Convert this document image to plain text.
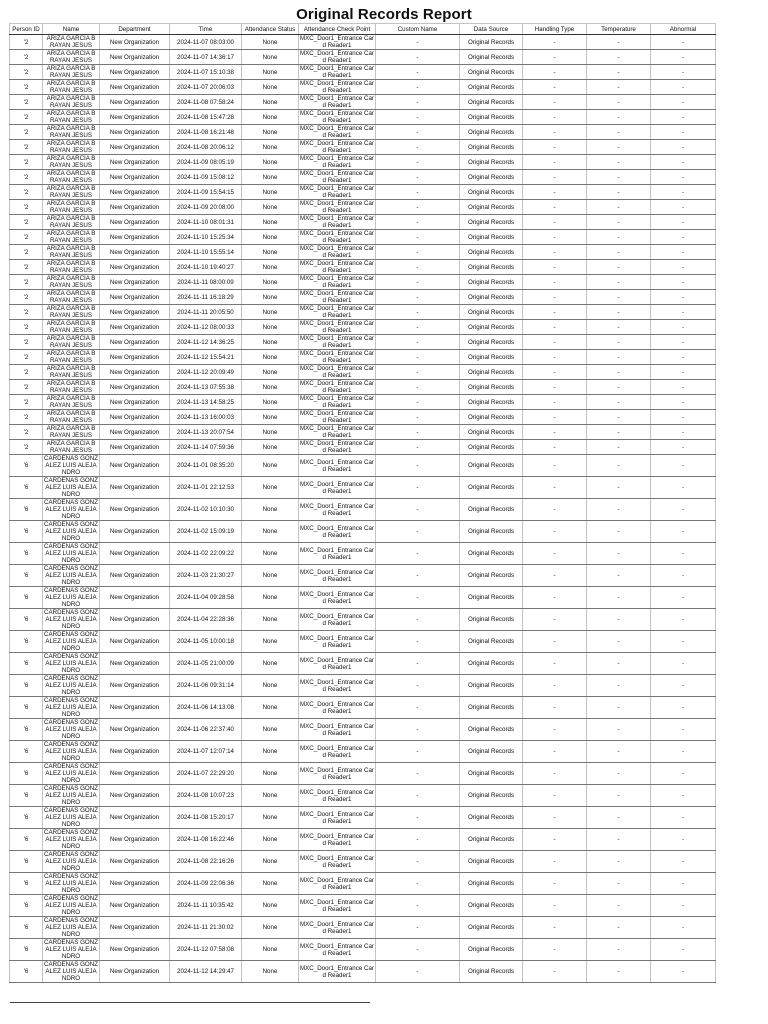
Original Records Report
Person ID	Name	Department	Time	Attendance Status	Attendance Check Point	Custom Name	Data Source	Handling Type	Temperature	Abnormal
'2	ARIZA GARCIA B RAYAN JESUS	New Organization	2024-11-07 08:03:00	None	MXC_Door1_Entrance Card Reader1	-	Original Records	-	-	-
'2	ARIZA GARCIA B RAYAN JESUS	New Organization	2024-11-07 14:36:17	None	MXC_Door1_Entrance Card Reader1	-	Original Records	-	-	-
'2	ARIZA GARCIA B RAYAN JESUS	New Organization	2024-11-07 15:10:38	None	MXC_Door1_Entrance Card Reader1	-	Original Records	-	-	-
'2	ARIZA GARCIA B RAYAN JESUS	New Organization	2024-11-07 20:06:03	None	MXC_Door1_Entrance Card Reader1	-	Original Records	-	-	-
'2	ARIZA GARCIA B RAYAN JESUS	New Organization	2024-11-08 07:58:24	None	MXC_Door1_Entrance Card Reader1	-	Original Records	-	-	-
'2	ARIZA GARCIA B RAYAN JESUS	New Organization	2024-11-08 15:47:28	None	MXC_Door1_Entrance Card Reader1	-	Original Records	-	-	-
'2	ARIZA GARCIA B RAYAN JESUS	New Organization	2024-11-08 16:21:48	None	MXC_Door1_Entrance Card Reader1	-	Original Records	-	-	-
'2	ARIZA GARCIA B RAYAN JESUS	New Organization	2024-11-08 20:06:12	None	MXC_Door1_Entrance Card Reader1	-	Original Records	-	-	-
'2	ARIZA GARCIA B RAYAN JESUS	New Organization	2024-11-09 08:05:19	None	MXC_Door1_Entrance Card Reader1	-	Original Records	-	-	-
'2	ARIZA GARCIA B RAYAN JESUS	New Organization	2024-11-09 15:08:12	None	MXC_Door1_Entrance Card Reader1	-	Original Records	-	-	-
'2	ARIZA GARCIA B RAYAN JESUS	New Organization	2024-11-09 15:54:15	None	MXC_Door1_Entrance Card Reader1	-	Original Records	-	-	-
'2	ARIZA GARCIA B RAYAN JESUS	New Organization	2024-11-09 20:08:00	None	MXC_Door1_Entrance Card Reader1	-	Original Records	-	-	-
'2	ARIZA GARCIA B RAYAN JESUS	New Organization	2024-11-10 08:01:31	None	MXC_Door1_Entrance Card Reader1	-	Original Records	-	-	-
'2	ARIZA GARCIA B RAYAN JESUS	New Organization	2024-11-10 15:25:34	None	MXC_Door1_Entrance Card Reader1	-	Original Records	-	-	-
'2	ARIZA GARCIA B RAYAN JESUS	New Organization	2024-11-10 15:55:14	None	MXC_Door1_Entrance Card Reader1	-	Original Records	-	-	-
'2	ARIZA GARCIA B RAYAN JESUS	New Organization	2024-11-10 19:40:27	None	MXC_Door1_Entrance Card Reader1	-	Original Records	-	-	-
'2	ARIZA GARCIA B RAYAN JESUS	New Organization	2024-11-11 08:00:09	None	MXC_Door1_Entrance Card Reader1	-	Original Records	-	-	-
'2	ARIZA GARCIA B RAYAN JESUS	New Organization	2024-11-11 16:18:29	None	MXC_Door1_Entrance Card Reader1	-	Original Records	-	-	-
'2	ARIZA GARCIA B RAYAN JESUS	New Organization	2024-11-11 20:05:50	None	MXC_Door1_Entrance Card Reader1	-	Original Records	-	-	-
'2	ARIZA GARCIA B RAYAN JESUS	New Organization	2024-11-12 08:00:33	None	MXC_Door1_Entrance Card Reader1	-	Original Records	-	-	-
'2	ARIZA GARCIA B RAYAN JESUS	New Organization	2024-11-12 14:36:25	None	MXC_Door1_Entrance Card Reader1	-	Original Records	-	-	-
'2	ARIZA GARCIA B RAYAN JESUS	New Organization	2024-11-12 15:54:21	None	MXC_Door1_Entrance Card Reader1	-	Original Records	-	-	-
'2	ARIZA GARCIA B RAYAN JESUS	New Organization	2024-11-12 20:09:49	None	MXC_Door1_Entrance Card Reader1	-	Original Records	-	-	-
'2	ARIZA GARCIA B RAYAN JESUS	New Organization	2024-11-13 07:55:38	None	MXC_Door1_Entrance Card Reader1	-	Original Records	-	-	-
'2	ARIZA GARCIA B RAYAN JESUS	New Organization	2024-11-13 14:58:25	None	MXC_Door1_Entrance Card Reader1	-	Original Records	-	-	-
'2	ARIZA GARCIA B RAYAN JESUS	New Organization	2024-11-13 16:00:03	None	MXC_Door1_Entrance Card Reader1	-	Original Records	-	-	-
'2	ARIZA GARCIA B RAYAN JESUS	New Organization	2024-11-13 20:07:54	None	MXC_Door1_Entrance Card Reader1	-	Original Records	-	-	-
'2	ARIZA GARCIA B RAYAN JESUS	New Organization	2024-11-14 07:59:36	None	MXC_Door1_Entrance Card Reader1	-	Original Records	-	-	-
'6	CARDENAS GONZALEZ LUIS ALEJANDRO	New Organization	2024-11-01 08:35:20	None	MXC_Door1_Entrance Card Reader1	-	Original Records	-	-	-
'6	CARDENAS GONZALEZ LUIS ALEJANDRO	New Organization	2024-11-01 22:12:53	None	MXC_Door1_Entrance Card Reader1	-	Original Records	-	-	-
'6	CARDENAS GONZALEZ LUIS ALEJANDRO	New Organization	2024-11-02 10:10:30	None	MXC_Door1_Entrance Card Reader1	-	Original Records	-	-	-
'6	CARDENAS GONZALEZ LUIS ALEJANDRO	New Organization	2024-11-02 15:09:19	None	MXC_Door1_Entrance Card Reader1	-	Original Records	-	-	-
'6	CARDENAS GONZALEZ LUIS ALEJANDRO	New Organization	2024-11-02 22:09:22	None	MXC_Door1_Entrance Card Reader1	-	Original Records	-	-	-
'6	CARDENAS GONZALEZ LUIS ALEJANDRO	New Organization	2024-11-03 21:30:27	None	MXC_Door1_Entrance Card Reader1	-	Original Records	-	-	-
'6	CARDENAS GONZALEZ LUIS ALEJANDRO	New Organization	2024-11-04 09:28:58	None	MXC_Door1_Entrance Card Reader1	-	Original Records	-	-	-
'6	CARDENAS GONZALEZ LUIS ALEJANDRO	New Organization	2024-11-04 22:28:36	None	MXC_Door1_Entrance Card Reader1	-	Original Records	-	-	-
'6	CARDENAS GONZALEZ LUIS ALEJANDRO	New Organization	2024-11-05 10:00:18	None	MXC_Door1_Entrance Card Reader1	-	Original Records	-	-	-
'6	CARDENAS GONZALEZ LUIS ALEJANDRO	New Organization	2024-11-05 21:00:09	None	MXC_Door1_Entrance Card Reader1	-	Original Records	-	-	-
'6	CARDENAS GONZALEZ LUIS ALEJANDRO	New Organization	2024-11-06 09:31:14	None	MXC_Door1_Entrance Card Reader1	-	Original Records	-	-	-
'6	CARDENAS GONZALEZ LUIS ALEJANDRO	New Organization	2024-11-06 14:13:08	None	MXC_Door1_Entrance Card Reader1	-	Original Records	-	-	-
'6	CARDENAS GONZALEZ LUIS ALEJANDRO	New Organization	2024-11-06 22:37:40	None	MXC_Door1_Entrance Card Reader1	-	Original Records	-	-	-
'6	CARDENAS GONZALEZ LUIS ALEJANDRO	New Organization	2024-11-07 12:07:14	None	MXC_Door1_Entrance Card Reader1	-	Original Records	-	-	-
'6	CARDENAS GONZALEZ LUIS ALEJANDRO	New Organization	2024-11-07 22:29:20	None	MXC_Door1_Entrance Card Reader1	-	Original Records	-	-	-
'6	CARDENAS GONZALEZ LUIS ALEJANDRO	New Organization	2024-11-08 10:07:23	None	MXC_Door1_Entrance Card Reader1	-	Original Records	-	-	-
'6	CARDENAS GONZALEZ LUIS ALEJANDRO	New Organization	2024-11-08 15:20:17	None	MXC_Door1_Entrance Card Reader1	-	Original Records	-	-	-
'6	CARDENAS GONZALEZ LUIS ALEJANDRO	New Organization	2024-11-08 16:22:46	None	MXC_Door1_Entrance Card Reader1	-	Original Records	-	-	-
'6	CARDENAS GONZALEZ LUIS ALEJANDRO	New Organization	2024-11-08 22:16:26	None	MXC_Door1_Entrance Card Reader1	-	Original Records	-	-	-
'6	CARDENAS GONZALEZ LUIS ALEJANDRO	New Organization	2024-11-09 22:06:36	None	MXC_Door1_Entrance Card Reader1	-	Original Records	-	-	-
'6	CARDENAS GONZALEZ LUIS ALEJANDRO	New Organization	2024-11-11 10:35:42	None	MXC_Door1_Entrance Card Reader1	-	Original Records	-	-	-
'6	CARDENAS GONZALEZ LUIS ALEJANDRO	New Organization	2024-11-11 21:30:02	None	MXC_Door1_Entrance Card Reader1	-	Original Records	-	-	-
'6	CARDENAS GONZALEZ LUIS ALEJANDRO	New Organization	2024-11-12 07:58:08	None	MXC_Door1_Entrance Card Reader1	-	Original Records	-	-	-
'6	CARDENAS GONZALEZ LUIS ALEJANDRO	New Organization	2024-11-12 14:29:47	None	MXC_Door1_Entrance Card Reader1	-	Original Records	-	-	-
